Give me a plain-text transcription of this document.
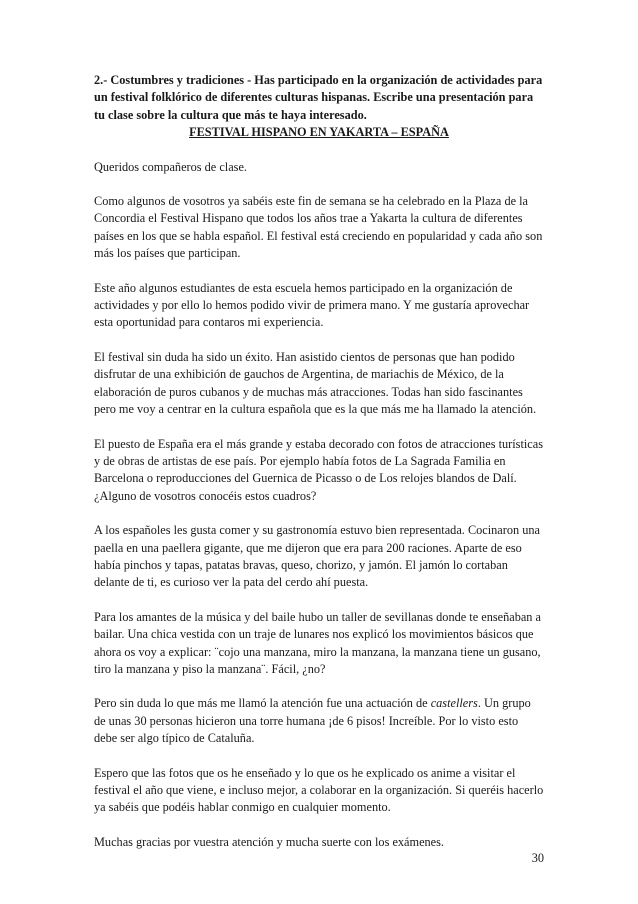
2.- Costumbres y tradiciones - Has participado en la organización de actividades para un festival folklórico de diferentes culturas hispanas. Escribe una presentación para tu clase sobre la cultura que más te haya interesado.
FESTIVAL HISPANO EN YAKARTA – ESPAÑA

Queridos compañeros de clase.

Como algunos de vosotros ya sabéis este fin de semana se ha celebrado en la Plaza de la Concordia el Festival Hispano que todos los años trae a Yakarta la cultura de diferentes países en los que se habla español. El festival está creciendo en popularidad y cada año son más los países que participan.

Este año algunos estudiantes de esta escuela hemos participado en la organización de actividades y por ello lo hemos podido vivir de primera mano. Y me gustaría aprovechar esta oportunidad para contaros mi experiencia.

El festival sin duda ha sido un éxito. Han asistido cientos de personas que han podido disfrutar de una exhibición de gauchos de Argentina, de mariachis de México, de la elaboración de puros cubanos y de muchas más atracciones. Todas han sido fascinantes pero me voy a centrar en la cultura española que es la que más me ha llamado la atención.

El puesto de España era el más grande y estaba decorado con fotos de atracciones turísticas y de obras de artistas de ese país. Por ejemplo había fotos de La Sagrada Familia en Barcelona o reproducciones del Guernica de Picasso o de Los relojes blandos de Dalí. ¿Alguno de vosotros conocéis estos cuadros?

A los españoles les gusta comer y su gastronomía estuvo bien representada. Cocinaron una paella en una paellera gigante, que me dijeron que era para 200 raciones. Aparte de eso había pinchos y tapas, patatas bravas, queso, chorizo, y jamón. El jamón lo cortaban delante de ti, es curioso ver la pata del cerdo ahí puesta.

Para los amantes de la música y del baile hubo un taller de sevillanas donde te enseñaban a bailar. Una chica vestida con un traje de lunares nos explicó los movimientos básicos que ahora os voy a explicar: ¨cojo una manzana, miro la manzana, la manzana tiene un gusano, tiro la manzana y piso la manzana¨. Fácil, ¿no?

Pero sin duda lo que más me llamó la atención fue una actuación de castellers. Un grupo de unas 30 personas hicieron una torre humana ¡de 6 pisos! Increíble. Por lo visto esto debe ser algo típico de Cataluña.

Espero que las fotos que os he enseñado y lo que os he explicado os anime a visitar el festival el año que viene, e incluso mejor, a colaborar en la organización. Si queréis hacerlo ya sabéis que podéis hablar conmigo en cualquier momento.

Muchas gracias por vuestra atención y mucha suerte con los exámenes.

30
